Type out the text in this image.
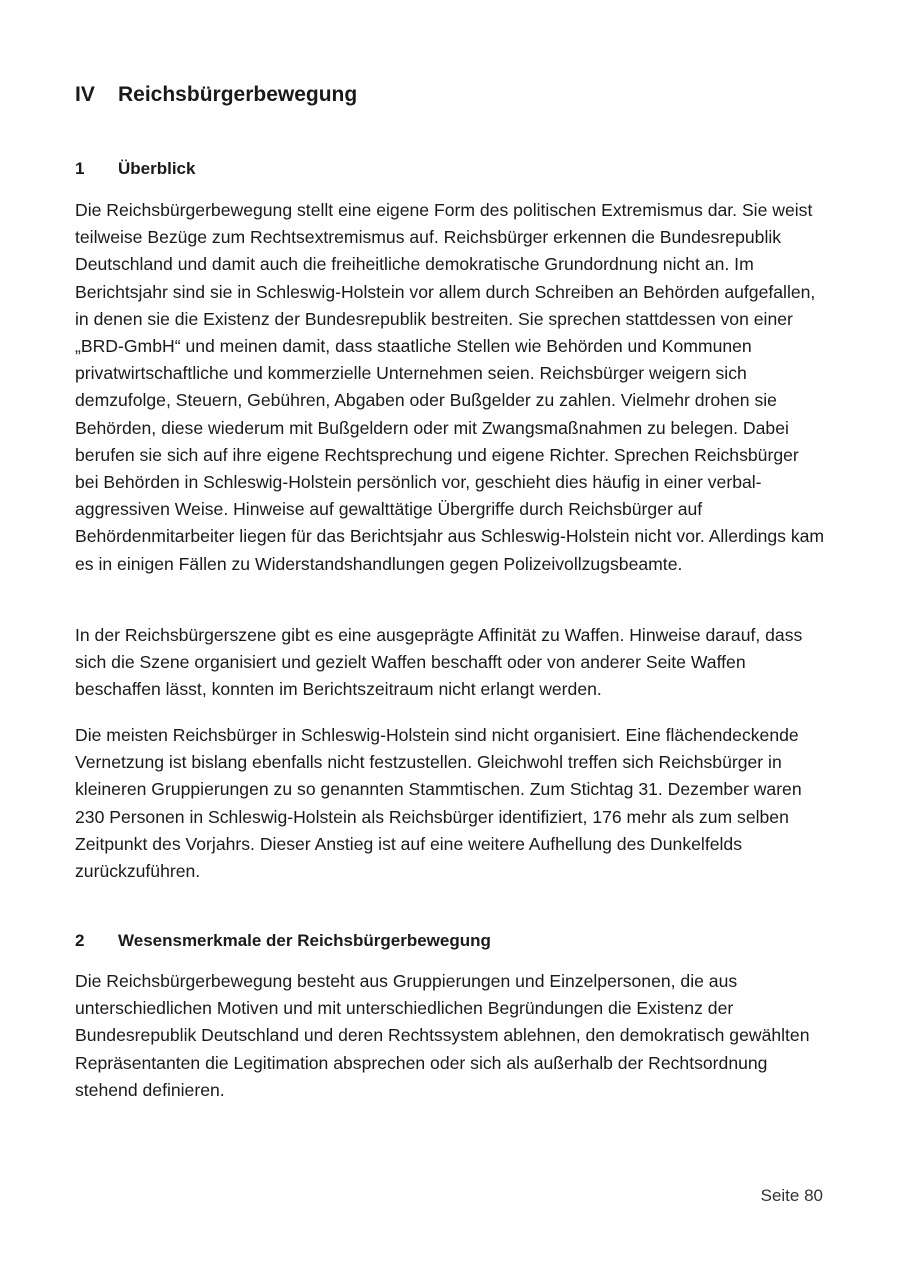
IV Reichsbürgerbewegung
1 Überblick

Die Reichsbürgerbewegung stellt eine eigene Form des politischen Extremismus dar. Sie weist teilweise Bezüge zum Rechtsextremismus auf. Reichsbürger erkennen die Bundesrepublik Deutschland und damit auch die freiheitliche demokratische Grundordnung nicht an. Im Berichtsjahr sind sie in Schleswig-Holstein vor allem durch Schreiben an Behörden aufgefallen, in denen sie die Existenz der Bundesrepublik bestreiten. Sie sprechen stattdessen von einer „BRD-GmbH“ und meinen damit, dass staatliche Stellen wie Behörden und Kommunen privatwirtschaftliche und kommerzielle Unternehmen seien. Reichsbürger weigern sich demzufolge, Steuern, Gebühren, Abgaben oder Bußgelder zu zahlen. Vielmehr drohen sie Behörden, diese wiederum mit Bußgeldern oder mit Zwangsmaßnahmen zu belegen. Dabei berufen sie sich auf ihre eigene Rechtsprechung und eigene Richter. Sprechen Reichsbürger bei Behörden in Schleswig-Holstein persönlich vor, geschieht dies häufig in einer verbal-aggressiven Weise. Hinweise auf gewalttätige Übergriffe durch Reichsbürger auf Behördenmitarbeiter liegen für das Berichtsjahr aus Schleswig-Holstein nicht vor. Allerdings kam es in einigen Fällen zu Widerstandshandlungen gegen Polizeivollzugsbeamte.

In der Reichsbürgerszene gibt es eine ausgeprägte Affinität zu Waffen. Hinweise darauf, dass sich die Szene organisiert und gezielt Waffen beschafft oder von anderer Seite Waffen beschaffen lässt, konnten im Berichtszeitraum nicht erlangt werden.

Die meisten Reichsbürger in Schleswig-Holstein sind nicht organisiert. Eine flächendeckende Vernetzung ist bislang ebenfalls nicht festzustellen. Gleichwohl treffen sich Reichsbürger in kleineren Gruppierungen zu so genannten Stammtischen. Zum Stichtag 31. Dezember waren 230 Personen in Schleswig-Holstein als Reichsbürger identifiziert, 176 mehr als zum selben Zeitpunkt des Vorjahrs. Dieser Anstieg ist auf eine weitere Aufhellung des Dunkelfelds zurückzuführen.

2 Wesensmerkmale der Reichsbürgerbewegung

Die Reichsbürgerbewegung besteht aus Gruppierungen und Einzelpersonen, die aus unterschiedlichen Motiven und mit unterschiedlichen Begründungen die Existenz der Bundesrepublik Deutschland und deren Rechtssystem ablehnen, den demokratisch gewählten Repräsentanten die Legitimation absprechen oder sich als außerhalb der Rechtsordnung stehend definieren.

Seite 80
